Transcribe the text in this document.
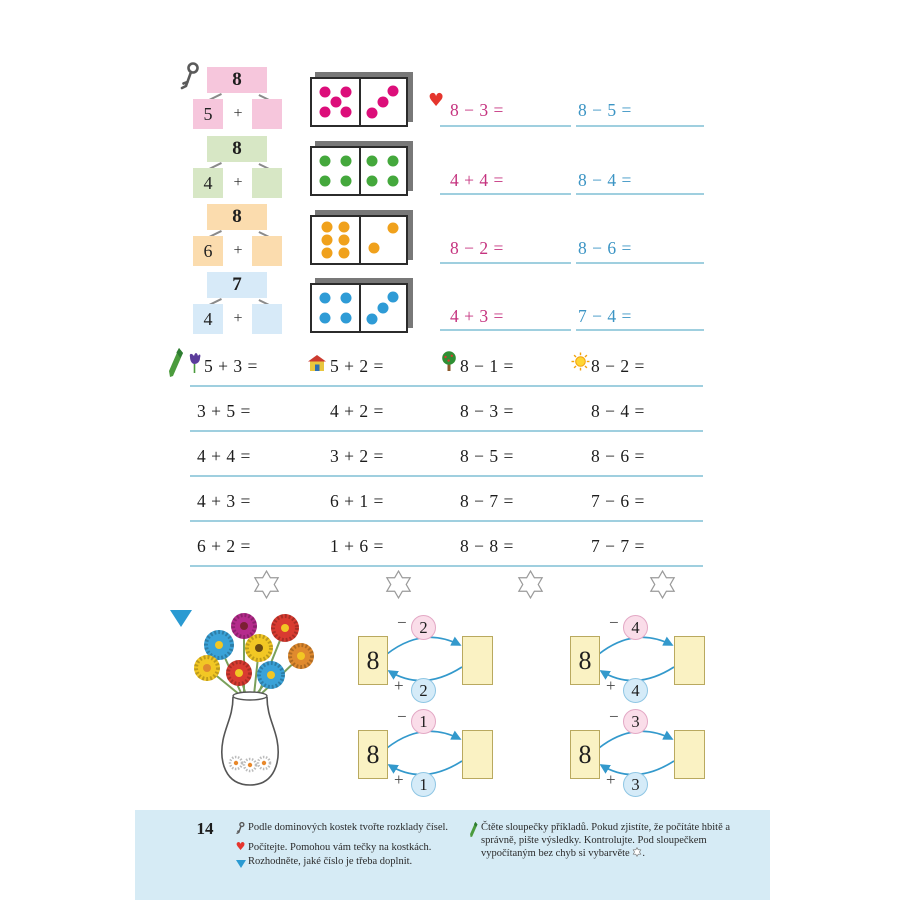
8
5	+
8
4	+
8
6	+
7
4	+
♥ 8 − 3 =	8 − 5 =
4 + 4 =	8 − 4 =
8 − 2 =	8 − 6 =
4 + 3 =	7 − 4 =
5 + 3 =	5 + 2 =	8 − 1 =	8 − 2 =
3 + 5 =	4 + 2 =	8 − 3 =	8 − 4 =
4 + 4 =	3 + 2 =	8 − 5 =	8 − 6 =
4 + 3 =	6 + 1 =	8 − 7 =	7 − 6 =
6 + 2 =	1 + 6 =	8 − 8 =	7 − 7 =
8
− 2
+ 2
8
− 4
+ 4
8
− 1
+ 1
8
− 3
+ 3
14	Podle dominových kostek tvořte rozklady čísel.
♥ Počítejte. Pomohou vám tečky na kostkách.
Rozhodněte, jaké číslo je třeba doplnit.
Čtěte sloupečky příkladů. Pokud zjistíte, že počítáte hbitě a správně, pište výsledky. Kontrolujte. Pod sloupečkem vypočítaným bez chyb si vybarvěte .
